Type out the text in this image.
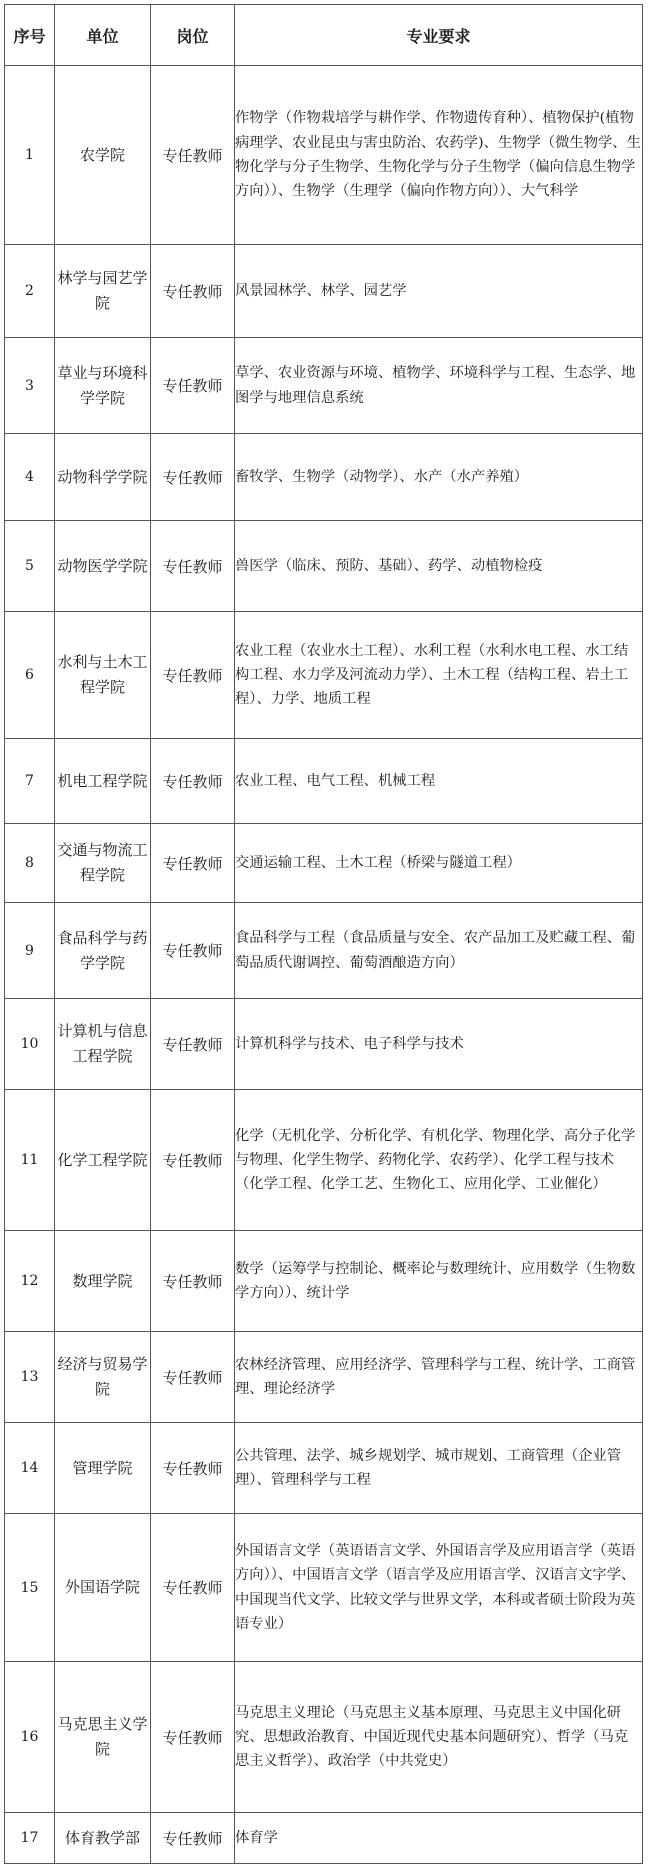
序号	单位	岗位	专业要求
1	农学院	专任教师	作物学（作物栽培学与耕作学、作物遗传育种）、植物保护(植物病理学、农业昆虫与害虫防治、农药学)、生物学（微生物学、生物化学与分子生物学、生物化学与分子生物学（偏向信息生物学方向））、生物学（生理学（偏向作物方向））、大气科学
2	林学与园艺学院	专任教师	风景园林学、林学、园艺学
3	草业与环境科学学院	专任教师	草学、农业资源与环境、植物学、环境科学与工程、生态学、地图学与地理信息系统
4	动物科学学院	专任教师	畜牧学、生物学（动物学）、水产（水产养殖）
5	动物医学学院	专任教师	兽医学（临床、预防、基础）、药学、动植物检疫
6	水利与土木工程学院	专任教师	农业工程（农业水土工程）、水利工程（水利水电工程、水工结构工程、水力学及河流动力学）、土木工程（结构工程、岩土工程）、力学、地质工程
7	机电工程学院	专任教师	农业工程、电气工程、机械工程
8	交通与物流工程学院	专任教师	交通运输工程、土木工程（桥梁与隧道工程）
9	食品科学与药学学院	专任教师	食品科学与工程（食品质量与安全、农产品加工及贮藏工程、葡萄品质代谢调控、葡萄酒酿造方向）
10	计算机与信息工程学院	专任教师	计算机科学与技术、电子科学与技术
11	化学工程学院	专任教师	化学（无机化学、分析化学、有机化学、物理化学、高分子化学与物理、化学生物学、药物化学、农药学）、化学工程与技术（化学工程、化学工艺、生物化工、应用化学、工业催化）
12	数理学院	专任教师	数学（运筹学与控制论、概率论与数理统计、应用数学（生物数学方向））、统计学
13	经济与贸易学院	专任教师	农林经济管理、应用经济学、管理科学与工程、统计学、工商管理、理论经济学
14	管理学院	专任教师	公共管理、法学、城乡规划学、城市规划、工商管理（企业管理）、管理科学与工程
15	外国语学院	专任教师	外国语言文学（英语语言文学、外国语言学及应用语言学（英语方向））、中国语言文学（语言学及应用语言学、汉语言文字学、中国现当代文学、比较文学与世界文学，本科或者硕士阶段为英语专业）
16	马克思主义学院	专任教师	马克思主义理论（马克思主义基本原理、马克思主义中国化研究、思想政治教育、中国近现代史基本问题研究）、哲学（马克思主义哲学）、政治学（中共党史）
17	体育教学部	专任教师	体育学
